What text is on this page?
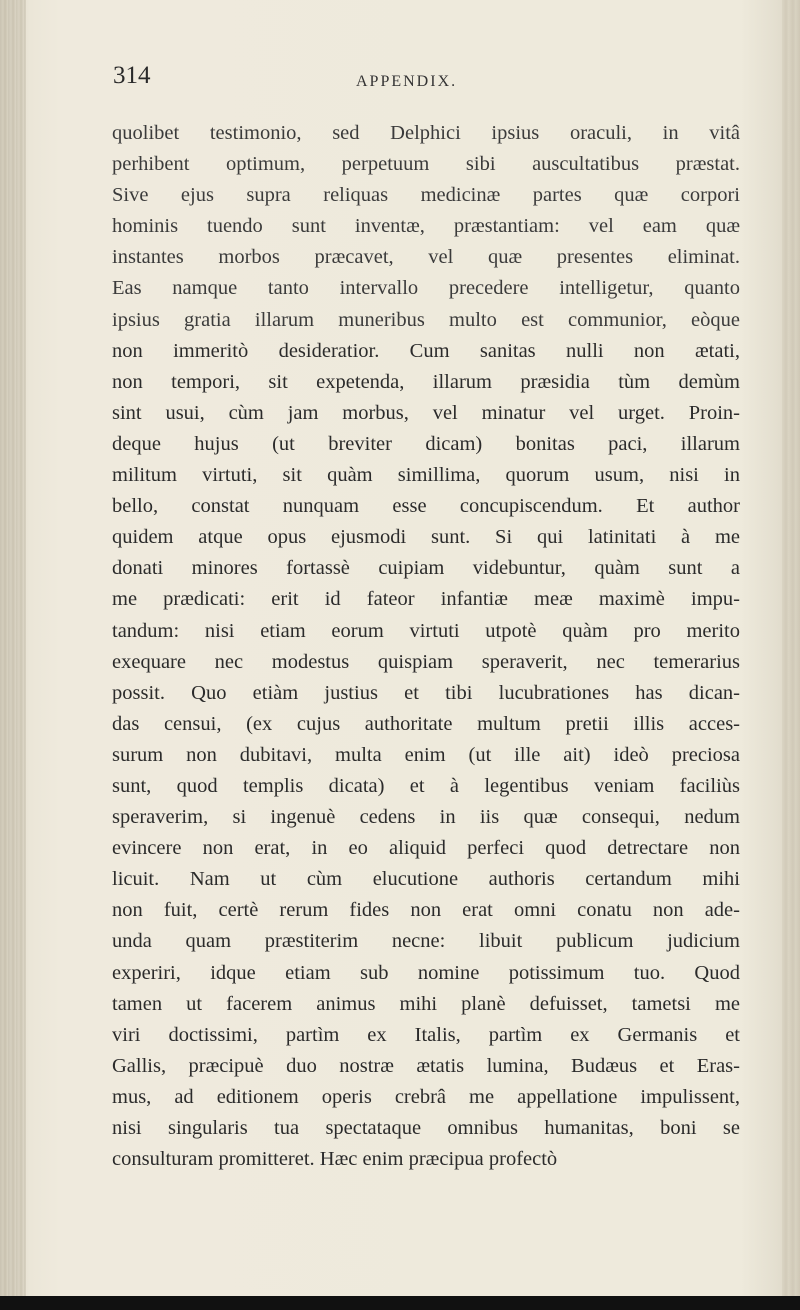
314	APPENDIX.
quolibet testimonio, sed Delphici ipsius oraculi, in vitâ
perhibent optimum, perpetuum sibi auscultatibus præstat.
Sive ejus supra reliquas medicinæ partes quæ corpori
hominis tuendo sunt inventæ, præstantiam: vel eam quæ
instantes morbos præcavet, vel quæ presentes eliminat.
Eas namque tanto intervallo precedere intelligetur, quanto
ipsius gratia illarum muneribus multo est communior, eòque
non immeritò desideratior. Cum sanitas nulli non ætati,
non tempori, sit expetenda, illarum præsidia tùm demùm
sint usui, cùm jam morbus, vel minatur vel urget. Proin-
deque hujus (ut breviter dicam) bonitas paci, illarum
militum virtuti, sit quàm simillima, quorum usum, nisi in
bello, constat nunquam esse concupiscendum. Et author
quidem atque opus ejusmodi sunt. Si qui latinitati à me
donati minores fortassè cuipiam videbuntur, quàm sunt a
me prædicati: erit id fateor infantiæ meæ maximè impu-
tandum: nisi etiam eorum virtuti utpotè quàm pro merito
exequare nec modestus quispiam speraverit, nec temerarius
possit. Quo etiàm justius et tibi lucubrationes has dican-
das censui, (ex cujus authoritate multum pretii illis acces-
surum non dubitavi, multa enim (ut ille ait) ideò preciosa
sunt, quod templis dicata) et à legentibus veniam faciliùs
speraverim, si ingenuè cedens in iis quæ consequi, nedum
evincere non erat, in eo aliquid perfeci quod detrectare non
licuit. Nam ut cùm elucutione authoris certandum mihi
non fuit, certè rerum fides non erat omni conatu non ade-
unda quam præstiterim necne: libuit publicum judicium
experiri, idque etiam sub nomine potissimum tuo. Quod
tamen ut facerem animus mihi planè defuisset, tametsi me
viri doctissimi, partìm ex Italis, partìm ex Germanis et
Gallis, præcipuè duo nostræ ætatis lumina, Budæus et Eras-
mus, ad editionem operis crebrâ me appellatione impulissent,
nisi singularis tua spectataque omnibus humanitas, boni se
consulturam promitteret. Hæc enim præcipua profectò
